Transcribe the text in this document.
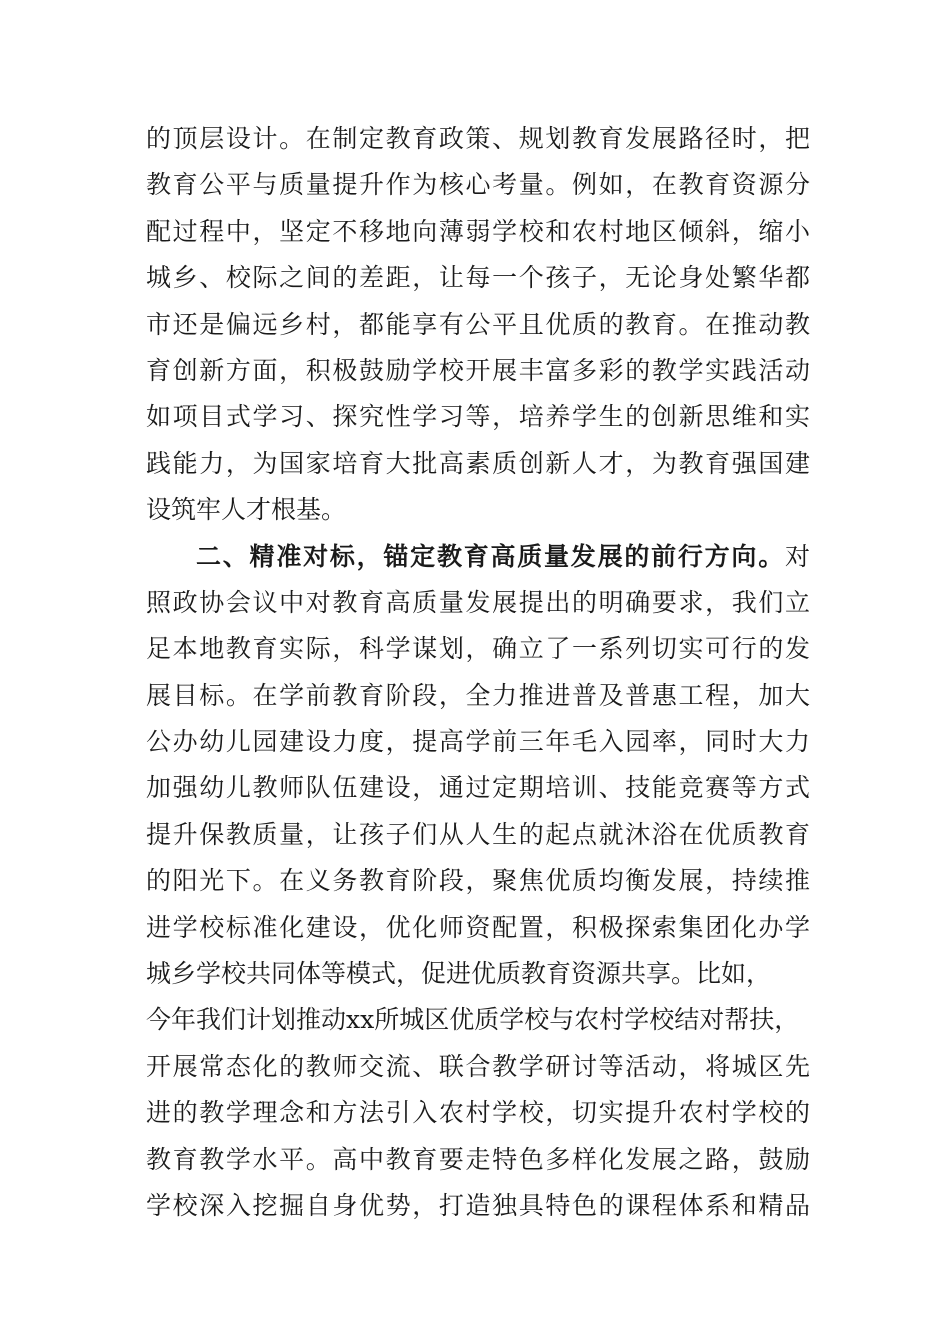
的顶层设计。在制定教育政策、规划教育发展路径时，把
教育公平与质量提升作为核心考量。例如，在教育资源分
配过程中，坚定不移地向薄弱学校和农村地区倾斜，缩小
城乡、校际之间的差距，让每一个孩子，无论身处繁华都
市还是偏远乡村，都能享有公平且优质的教育。在推动教
育创新方面，积极鼓励学校开展丰富多彩的教学实践活动
如项目式学习、探究性学习等，培养学生的创新思维和实
践能力，为国家培育大批高素质创新人才，为教育强国建
设筑牢人才根基。
二、精准对标，锚定教育高质量发展的前行方向。对
照政协会议中对教育高质量发展提出的明确要求，我们立
足本地教育实际，科学谋划，确立了一系列切实可行的发
展目标。在学前教育阶段，全力推进普及普惠工程，加大
公办幼儿园建设力度，提高学前三年毛入园率，同时大力
加强幼儿教师队伍建设，通过定期培训、技能竞赛等方式
提升保教质量，让孩子们从人生的起点就沐浴在优质教育
的阳光下。在义务教育阶段，聚焦优质均衡发展，持续推
进学校标准化建设，优化师资配置，积极探索集团化办学
城乡学校共同体等模式，促进优质教育资源共享。比如，
今年我们计划推动xx所城区优质学校与农村学校结对帮扶，
开展常态化的教师交流、联合教学研讨等活动，将城区先
进的教学理念和方法引入农村学校，切实提升农村学校的
教育教学水平。高中教育要走特色多样化发展之路，鼓励
学校深入挖掘自身优势，打造独具特色的课程体系和精品
